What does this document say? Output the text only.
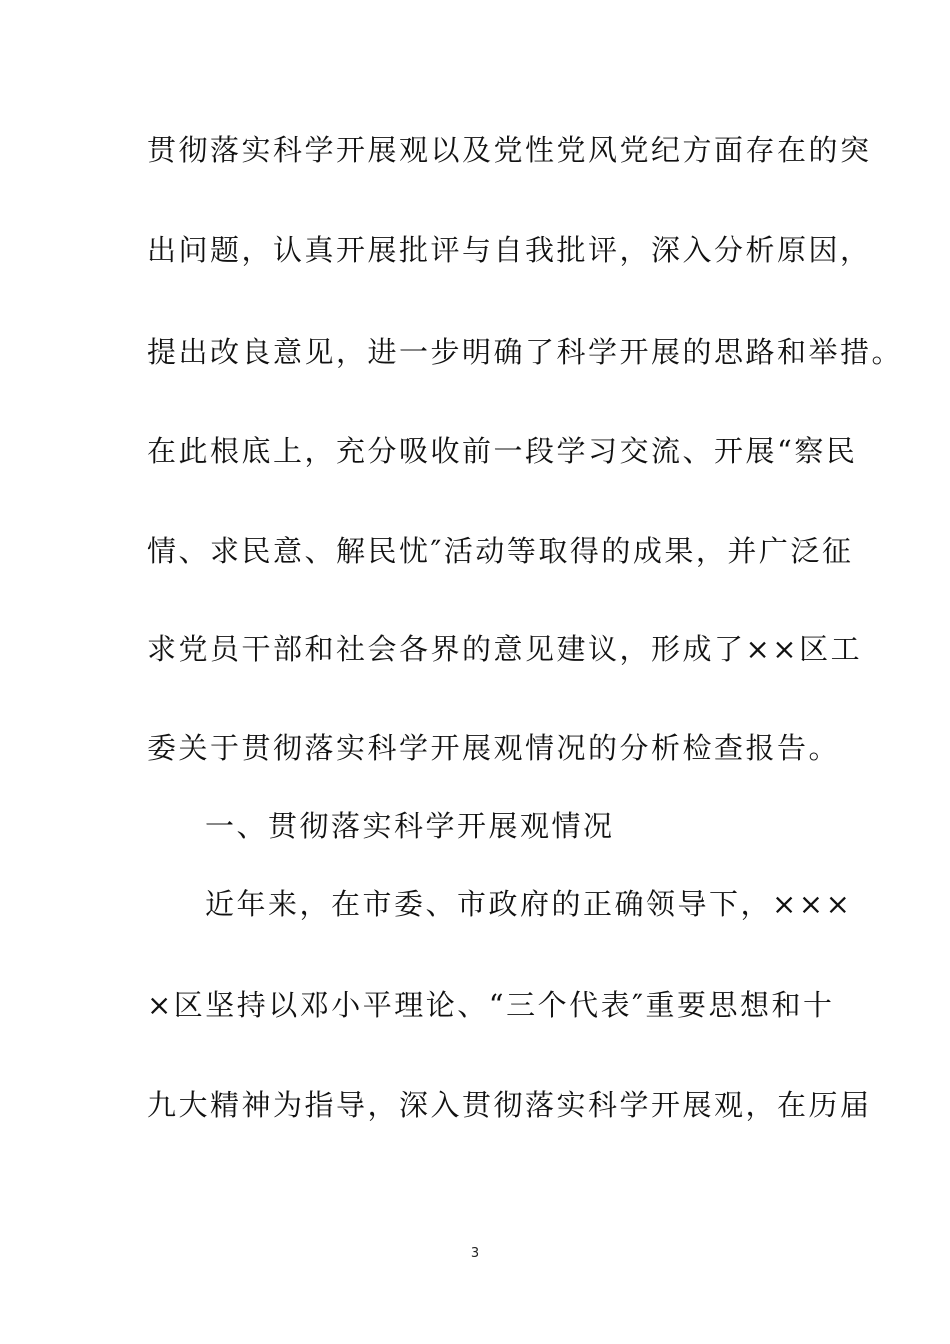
贯彻落实科学开展观以及党性党风党纪方面存在的突
出问题，认真开展批评与自我批评，深入分析原因，
提出改良意见，进一步明确了科学开展的思路和举措。
在此根底上，充分吸收前一段学习交流、开展“察民
情、求民意、解民忧″活动等取得的成果，并广泛征
求党员干部和社会各界的意见建议，形成了××区工
委关于贯彻落实科学开展观情况的分析检查报告。
一、贯彻落实科学开展观情况
近年来，在市委、市政府的正确领导下，×××
×区坚持以邓小平理论、“三个代表″重要思想和十
九大精神为指导，深入贯彻落实科学开展观，在历届
3
